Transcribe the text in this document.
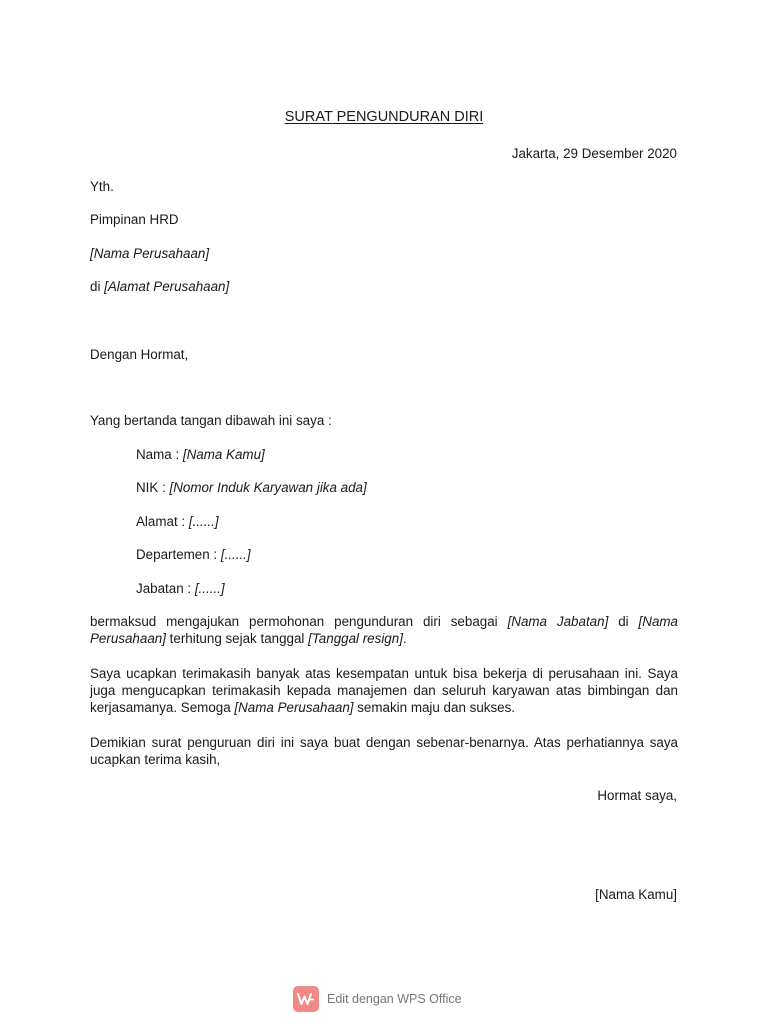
SURAT PENGUNDURAN DIRI
Jakarta, 29 Desember 2020
Yth.
Pimpinan HRD
[Nama Perusahaan]
di [Alamat Perusahaan]
Dengan Hormat,
Yang bertanda tangan dibawah ini saya :
Nama : [Nama Kamu]
NIK : [Nomor Induk Karyawan jika ada]
Alamat : [......]
Departemen : [......]
Jabatan : [......]
bermaksud mengajukan permohonan pengunduran diri sebagai [Nama Jabatan] di [Nama Perusahaan] terhitung sejak tanggal [Tanggal resign].
Saya ucapkan terimakasih banyak atas kesempatan untuk bisa bekerja di perusahaan ini. Saya juga mengucapkan terimakasih kepada manajemen dan seluruh karyawan atas bimbingan dan kerjasamanya. Semoga [Nama Perusahaan] semakin maju dan sukses.
Demikian surat penguruan diri ini saya buat dengan sebenar-benarnya. Atas perhatiannya saya ucapkan terima kasih,
Hormat saya,
[Nama Kamu]
Edit dengan WPS Office
